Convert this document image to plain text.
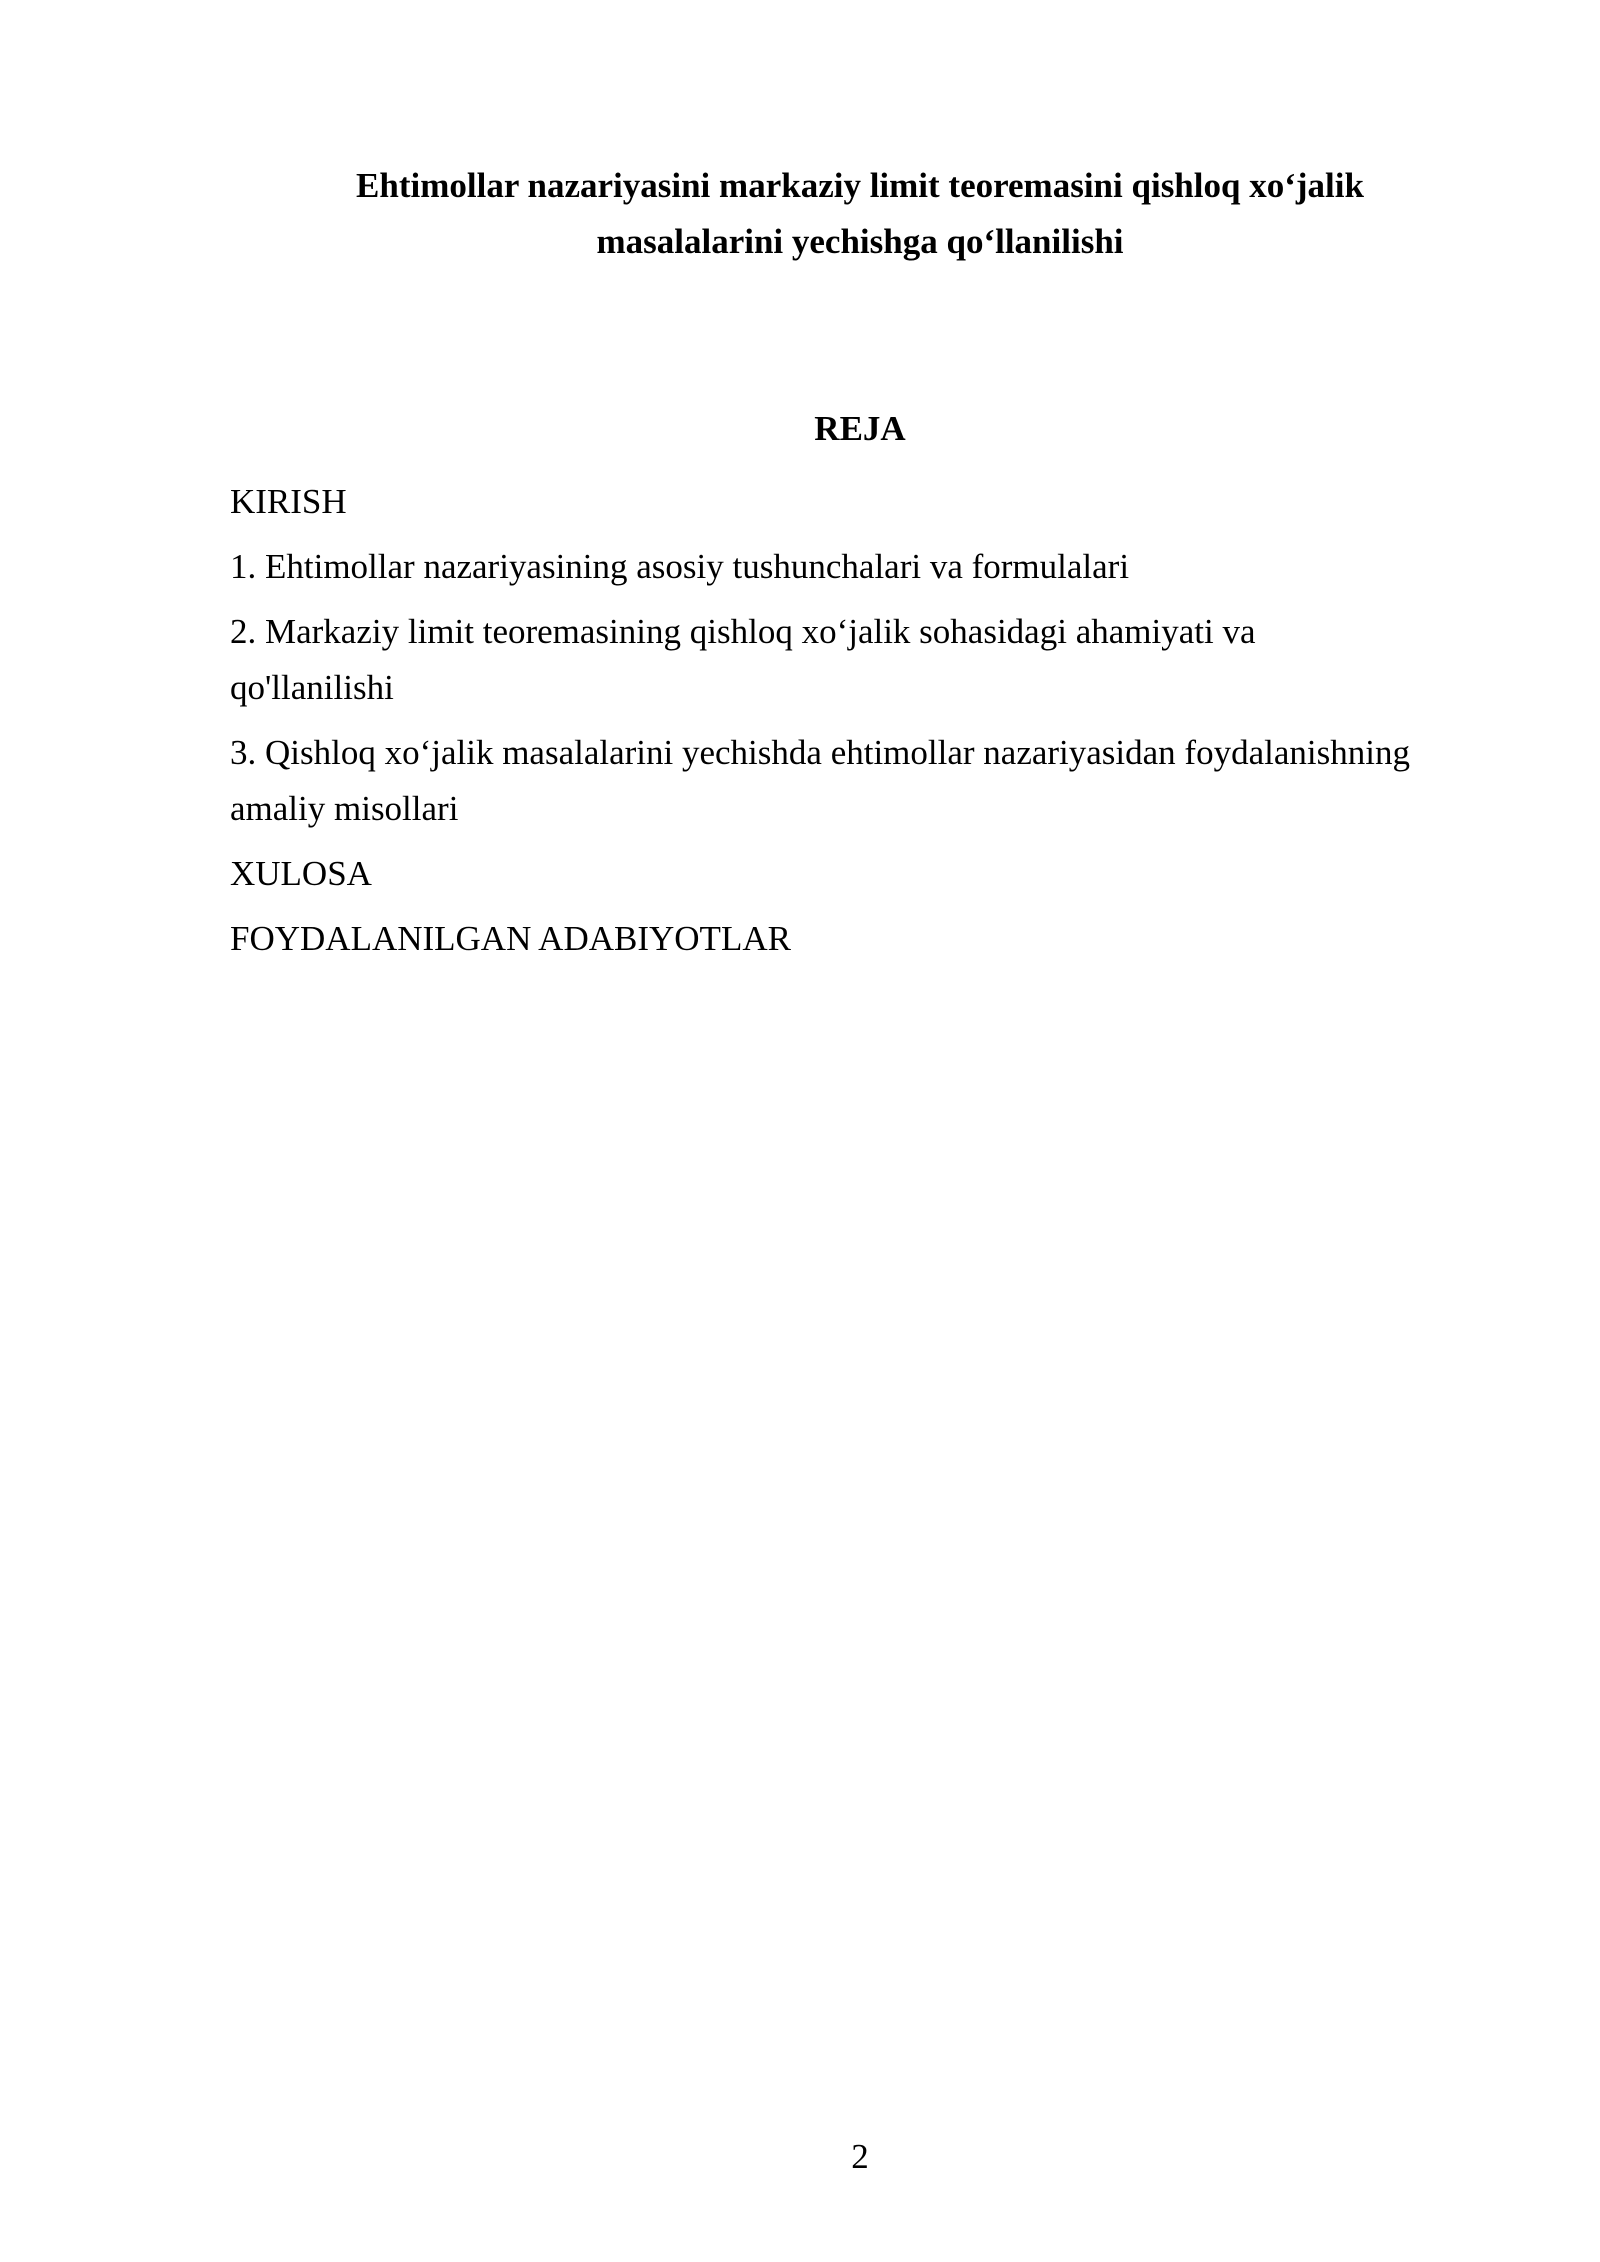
Ehtimollar nazariyasini markaziy limit teoremasini qishloq xo‘jalik
masalalarini yechishga qo‘llanilishi
REJA
KIRISH
1. Ehtimollar nazariyasining asosiy tushunchalari va formulalari
2. Markaziy limit teoremasining qishloq xo‘jalik sohasidagi ahamiyati va qo'llanilishi
3. Qishloq xo‘jalik masalalarini yechishda ehtimollar nazariyasidan foydalanishning amaliy misollari
XULOSA
FOYDALANILGAN ADABIYOTLAR
2
